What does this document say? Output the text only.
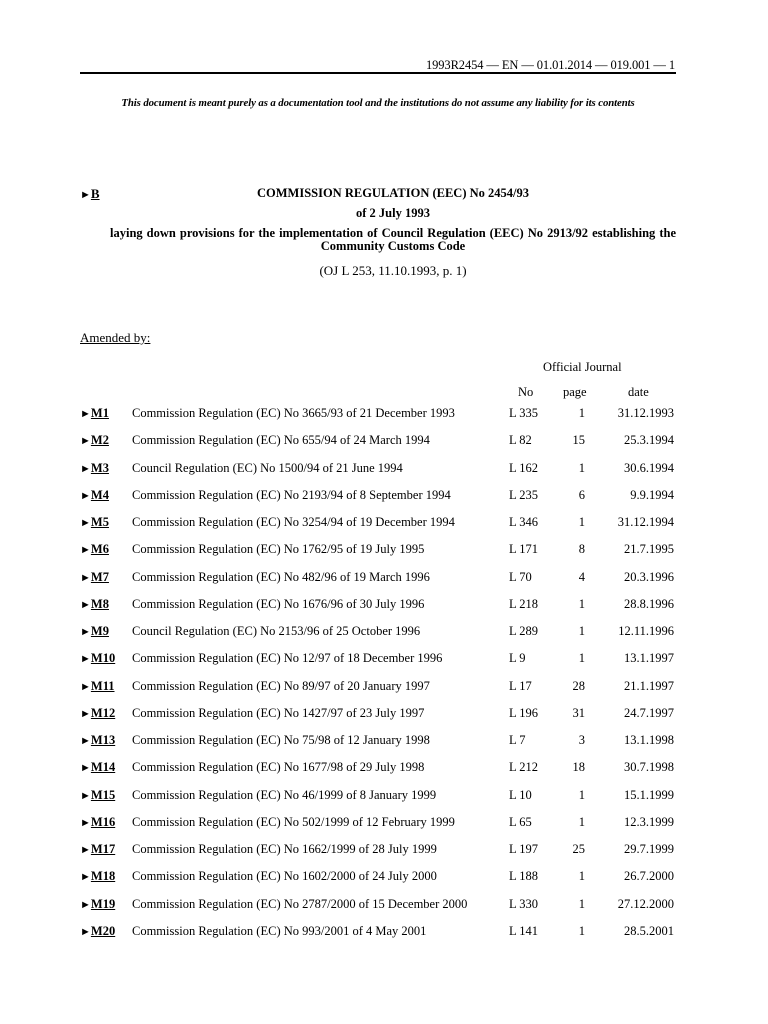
1993R2454 — EN — 01.01.2014 — 019.001 — 1
This document is meant purely as a documentation tool and the institutions do not assume any liability for its contents
►B	COMMISSION REGULATION (EEC) No 2454/93
of 2 July 1993
laying down provisions for the implementation of Council Regulation (EEC) No 2913/92 establishing the Community Customs Code
(OJ L 253, 11.10.1993, p. 1)
Amended by:
Official Journal
No page	date
►M1 Commission Regulation (EC) No 3665/93 of 21 December 1993	L 335	1	31.12.1993
►M2 Commission Regulation (EC) No 655/94 of 24 March 1994	L 82	15	25.3.1994
►M3 Council Regulation (EC) No 1500/94 of 21 June 1994	L 162	1	30.6.1994
►M4 Commission Regulation (EC) No 2193/94 of 8 September 1994	L 235	6	9.9.1994
►M5 Commission Regulation (EC) No 3254/94 of 19 December 1994	L 346	1	31.12.1994
►M6 Commission Regulation (EC) No 1762/95 of 19 July 1995	L 171	8	21.7.1995
►M7 Commission Regulation (EC) No 482/96 of 19 March 1996	L 70	4	20.3.1996
►M8 Commission Regulation (EC) No 1676/96 of 30 July 1996	L 218	1	28.8.1996
►M9 Council Regulation (EC) No 2153/96 of 25 October 1996	L 289	1	12.11.1996
►M10 Commission Regulation (EC) No 12/97 of 18 December 1996	L 9	1	13.1.1997
►M11 Commission Regulation (EC) No 89/97 of 20 January 1997	L 17	28	21.1.1997
►M12 Commission Regulation (EC) No 1427/97 of 23 July 1997	L 196	31	24.7.1997
►M13 Commission Regulation (EC) No 75/98 of 12 January 1998	L 7	3	13.1.1998
►M14 Commission Regulation (EC) No 1677/98 of 29 July 1998	L 212	18	30.7.1998
►M15 Commission Regulation (EC) No 46/1999 of 8 January 1999	L 10	1	15.1.1999
►M16 Commission Regulation (EC) No 502/1999 of 12 February 1999	L 65	1	12.3.1999
►M17 Commission Regulation (EC) No 1662/1999 of 28 July 1999	L 197	25	29.7.1999
►M18 Commission Regulation (EC) No 1602/2000 of 24 July 2000	L 188	1	26.7.2000
►M19 Commission Regulation (EC) No 2787/2000 of 15 December 2000	L 330	1	27.12.2000
►M20 Commission Regulation (EC) No 993/2001 of 4 May 2001	L 141	1	28.5.2001
